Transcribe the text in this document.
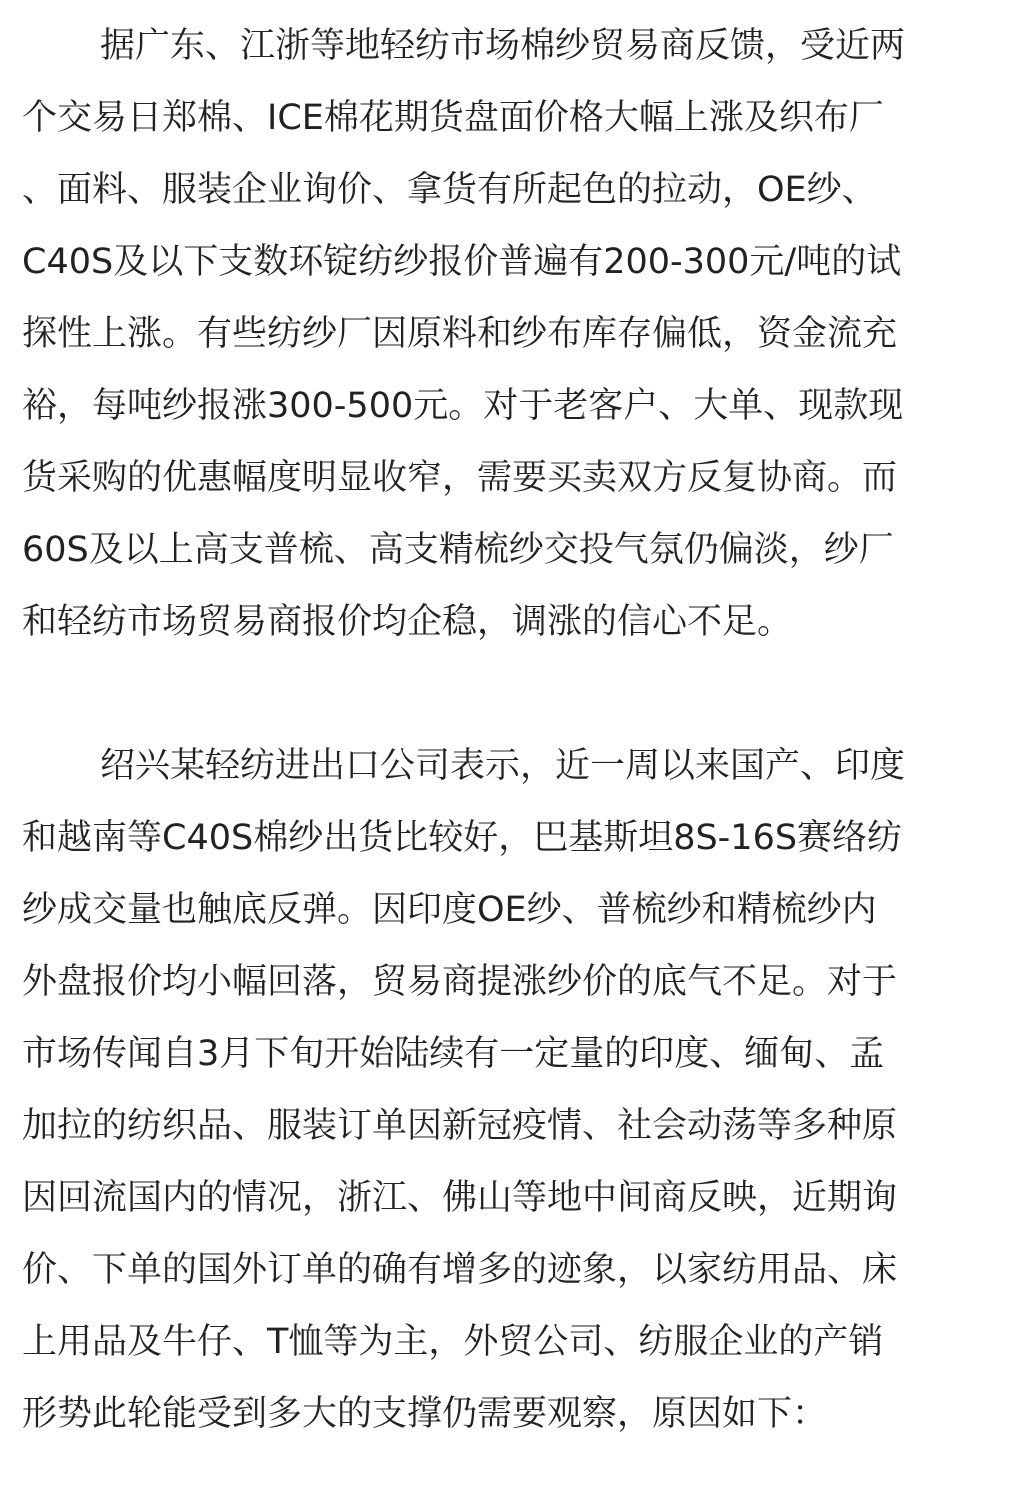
据广东、江浙等地轻纺市场棉纱贸易商反馈，受近两
个交易日郑棉、ICE棉花期货盘面价格大幅上涨及织布厂
、面料、服装企业询价、拿货有所起色的拉动，OE纱、
C40S及以下支数环锭纺纱报价普遍有200-300元/吨的试
探性上涨。有些纺纱厂因原料和纱布库存偏低，资金流充
裕，每吨纱报涨300-500元。对于老客户、大单、现款现
货采购的优惠幅度明显收窄，需要买卖双方反复协商。而
60S及以上高支普梳、高支精梳纱交投气氛仍偏淡，纱厂
和轻纺市场贸易商报价均企稳，调涨的信心不足。
绍兴某轻纺进出口公司表示，近一周以来国产、印度
和越南等C40S棉纱出货比较好，巴基斯坦8S-16S赛络纺
纱成交量也触底反弹。因印度OE纱、普梳纱和精梳纱内
外盘报价均小幅回落，贸易商提涨纱价的底气不足。对于
市场传闻自3月下旬开始陆续有一定量的印度、缅甸、孟
加拉的纺织品、服装订单因新冠疫情、社会动荡等多种原
因回流国内的情况，浙江、佛山等地中间商反映，近期询
价、下单的国外订单的确有增多的迹象，以家纺用品、床
上用品及牛仔、T恤等为主，外贸公司、纺服企业的产销
形势此轮能受到多大的支撑仍需要观察，原因如下：
